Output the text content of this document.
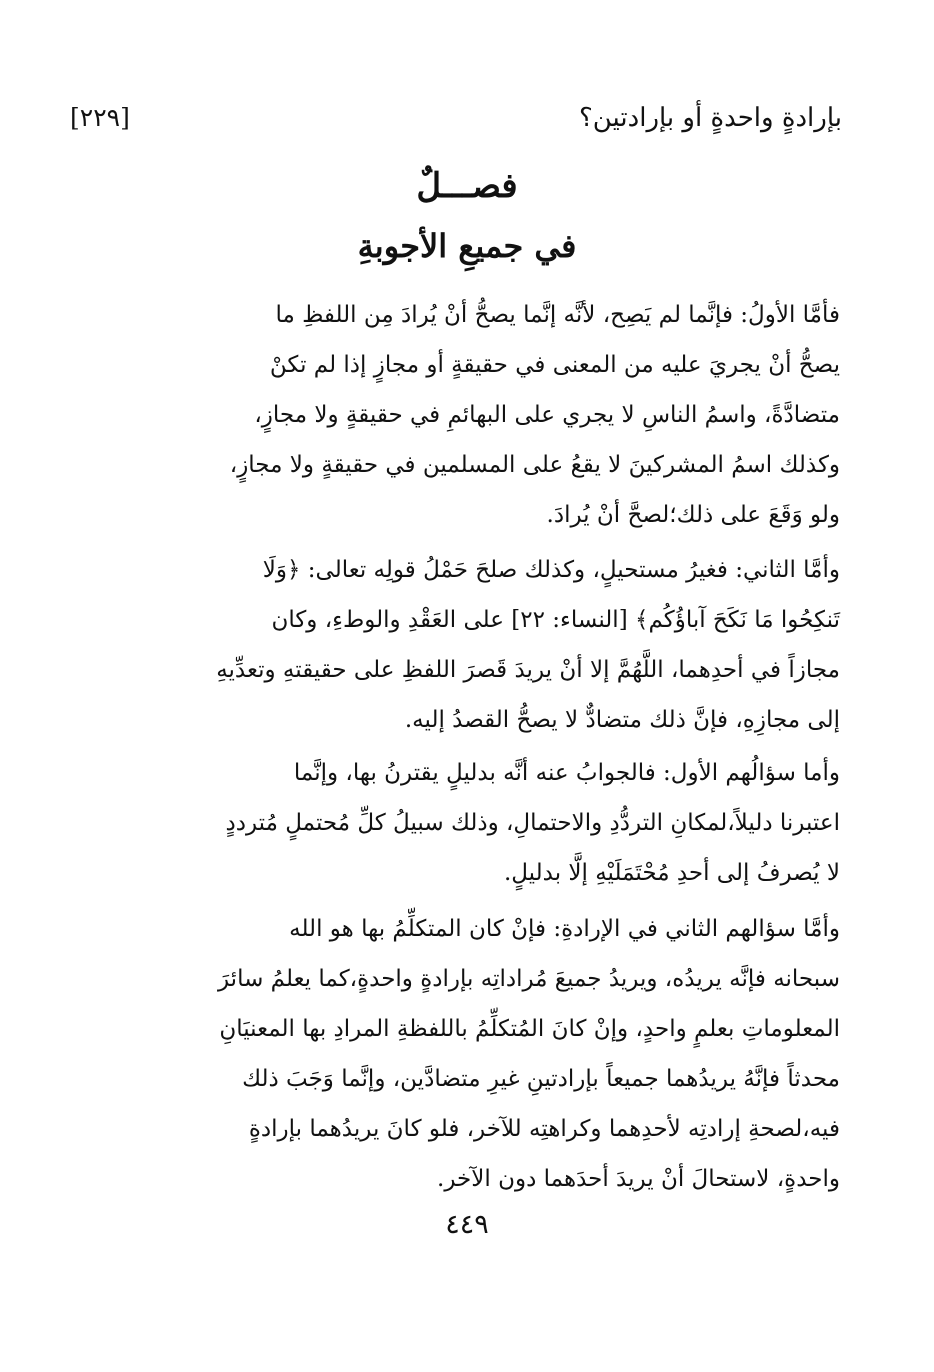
بإرادةٍ واحدةٍ أو بإرادتين؟
[٢٢٩]
فصـــلٌ
في جميعِ الأجوبةِ
فأمَّا الأولُ: فإنَّما لم يَصِح، لأنَّه إنَّما يصحُّ أنْ يُرادَ مِن اللفظِ ما
يصحُّ أنْ يجريَ عليه من المعنى في حقيقةٍ أو مجازٍ إذا لم تكنْ
متضادَّةً، واسمُ الناسِ لا يجري على البهائمِ في حقيقةٍ ولا مجازٍ،
وكذلك اسمُ المشركينَ لا يقعُ على المسلمين في حقيقةٍ ولا مجازٍ،
ولو وَقَعَ على ذلك؛لصحَّ أنْ يُرادَ.
وأمَّا الثاني: فغيرُ مستحيلٍ، وكذلك صلحَ حَمْلُ قولِه تعالى: ﴿وَلَا
تَنكِحُوا مَا نَكَحَ آباؤُكُم﴾ [النساء: ٢٢] على العَقْدِ والوطءِ، وكان
مجازاً في أحدِهما، اللَّهُمَّ إلا أنْ يريدَ قَصرَ اللفظِ على حقيقتهِ وتعدِّيهِ
إلى مجازِهِ، فإنَّ ذلك متضادٌّ لا يصحُّ القصدُ إليه.
وأما سؤالُهم الأول: فالجوابُ عنه أنَّه بدليلٍ يقترنُ بها، وإنَّما
اعتبرنا دليلاً،لمكانِ التردُّدِ والاحتمالِ، وذلك سبيلُ كلِّ مُحتملٍ مُترددٍ
لا يُصرفُ إلى أحدِ مُحْتَمَلَيْهِ إلَّا بدليلٍ.
وأمَّا سؤالهم الثاني في الإرادةِ: فإنْ كان المتكلِّمُ بها هو الله
سبحانه فإنَّه يريدُه، ويريدُ جميعَ مُراداتِه بإرادةٍ واحدةٍ،كما يعلمُ سائرَ
المعلوماتِ بعلمٍ واحدٍ، وإنْ كانَ المُتكلِّمُ باللفظةِ المرادِ بها المعنيَانِ
محدثاً فإنَّهُ يريدُهما جميعاً بإرادتينِ غيرِ متضادَّين، وإنَّما وَجَبَ ذلك
فيه،لصحةِ إرادتِه لأحدِهما وكراهتِه للآخر، فلو كانَ يريدُهما بإرادةٍ
واحدةٍ، لاستحالَ أنْ يريدَ أحدَهما دون الآخر.
٤٤٩
